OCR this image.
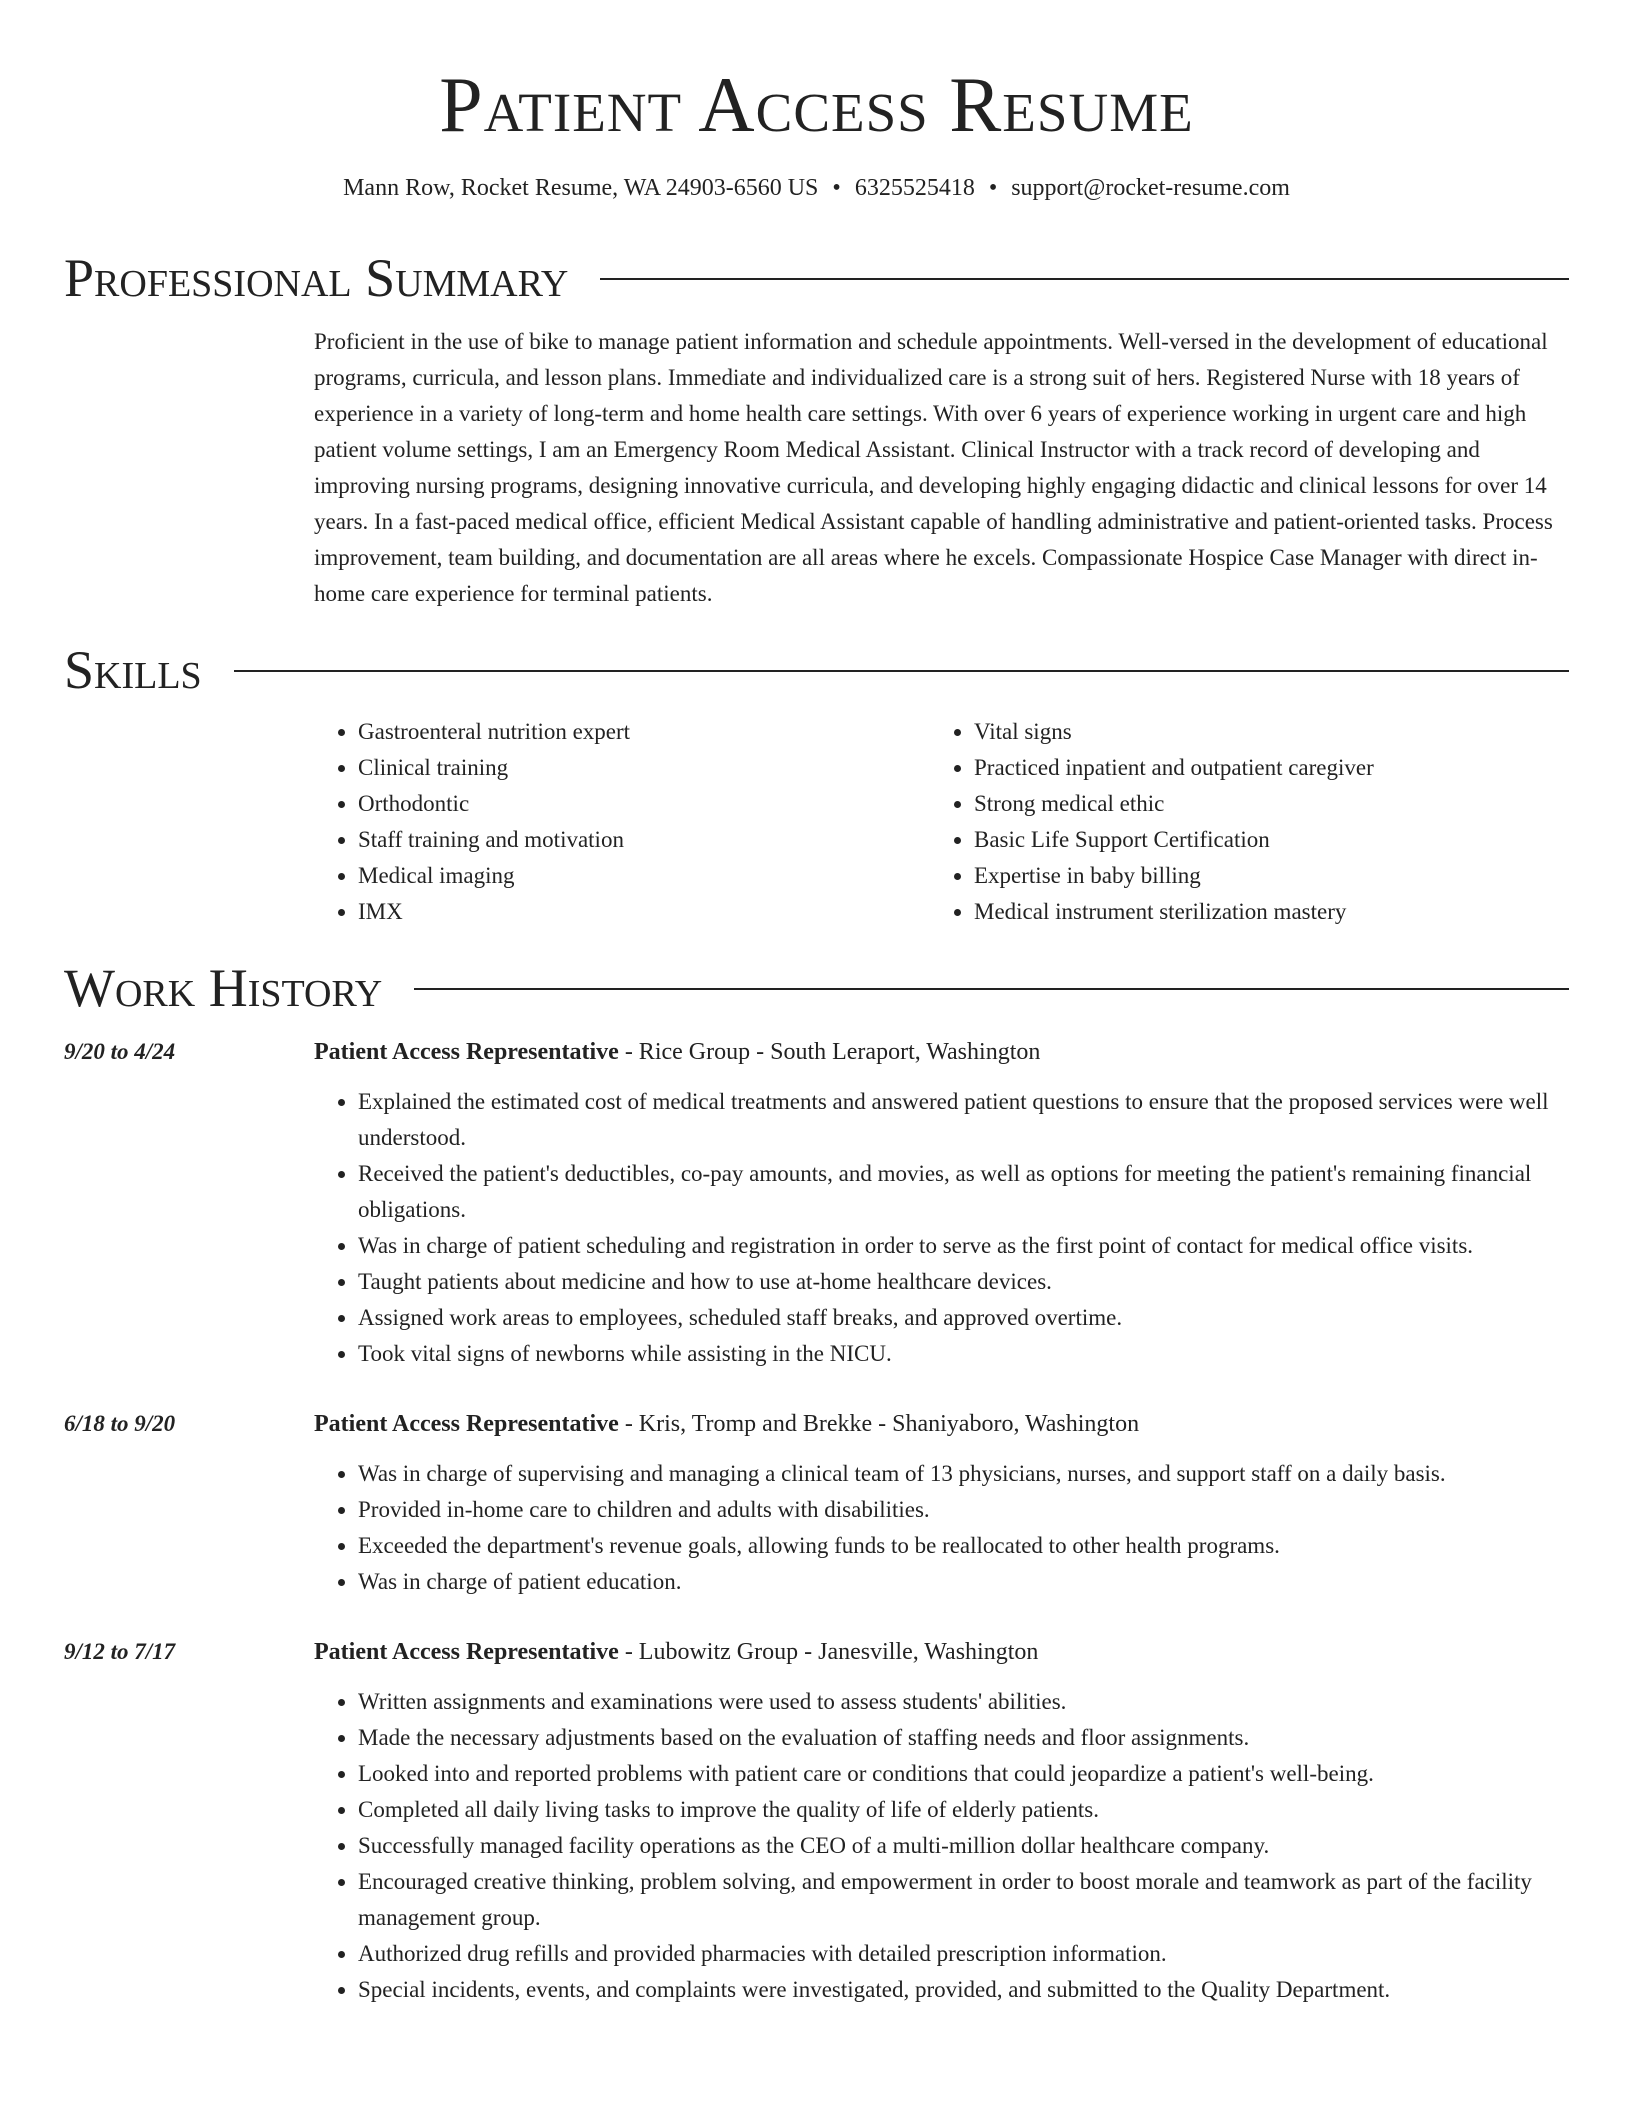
Patient Access Resume
Mann Row, Rocket Resume, WA 24903-6560 US • 6325525418 • support@rocket-resume.com
Professional Summary
Proficient in the use of bike to manage patient information and schedule appointments. Well-versed in the development of educational programs, curricula, and lesson plans. Immediate and individualized care is a strong suit of hers. Registered Nurse with 18 years of experience in a variety of long-term and home health care settings. With over 6 years of experience working in urgent care and high patient volume settings, I am an Emergency Room Medical Assistant. Clinical Instructor with a track record of developing and improving nursing programs, designing innovative curricula, and developing highly engaging didactic and clinical lessons for over 14 years. In a fast-paced medical office, efficient Medical Assistant capable of handling administrative and patient-oriented tasks. Process improvement, team building, and documentation are all areas where he excels. Compassionate Hospice Case Manager with direct in-home care experience for terminal patients.
Skills
• Gastroenteral nutrition expert
• Clinical training
• Orthodontic
• Staff training and motivation
• Medical imaging
• IMX
• Vital signs
• Practiced inpatient and outpatient caregiver
• Strong medical ethic
• Basic Life Support Certification
• Expertise in baby billing
• Medical instrument sterilization mastery
Work History
9/20 to 4/24	Patient Access Representative - Rice Group - South Leraport, Washington
• Explained the estimated cost of medical treatments and answered patient questions to ensure that the proposed services were well understood.
• Received the patient's deductibles, co-pay amounts, and movies, as well as options for meeting the patient's remaining financial obligations.
• Was in charge of patient scheduling and registration in order to serve as the first point of contact for medical office visits.
• Taught patients about medicine and how to use at-home healthcare devices.
• Assigned work areas to employees, scheduled staff breaks, and approved overtime.
• Took vital signs of newborns while assisting in the NICU.
6/18 to 9/20	Patient Access Representative - Kris, Tromp and Brekke - Shaniyaboro, Washington
• Was in charge of supervising and managing a clinical team of 13 physicians, nurses, and support staff on a daily basis.
• Provided in-home care to children and adults with disabilities.
• Exceeded the department's revenue goals, allowing funds to be reallocated to other health programs.
• Was in charge of patient education.
9/12 to 7/17	Patient Access Representative - Lubowitz Group - Janesville, Washington
• Written assignments and examinations were used to assess students' abilities.
• Made the necessary adjustments based on the evaluation of staffing needs and floor assignments.
• Looked into and reported problems with patient care or conditions that could jeopardize a patient's well-being.
• Completed all daily living tasks to improve the quality of life of elderly patients.
• Successfully managed facility operations as the CEO of a multi-million dollar healthcare company.
• Encouraged creative thinking, problem solving, and empowerment in order to boost morale and teamwork as part of the facility management group.
• Authorized drug refills and provided pharmacies with detailed prescription information.
• Special incidents, events, and complaints were investigated, provided, and submitted to the Quality Department.
